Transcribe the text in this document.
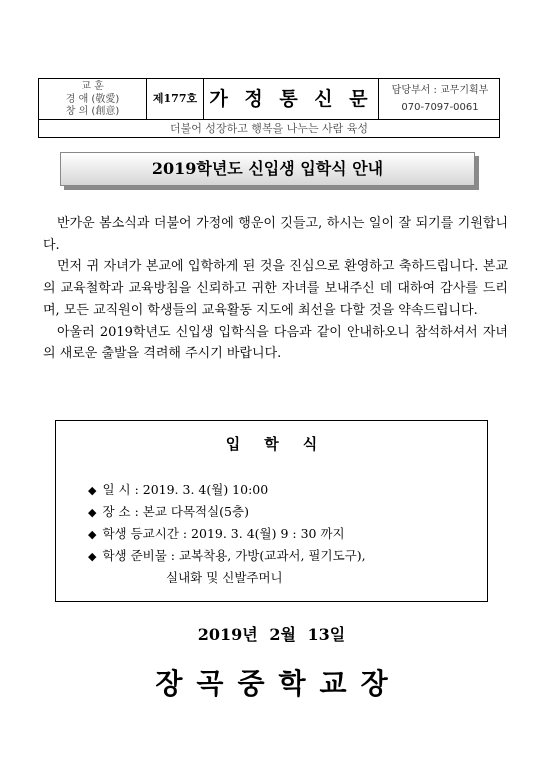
교 훈
경 애 (敬愛)
창 의 (創意)
제177호 가 정 통 신 문	담당부서 : 교무기획부
070-7097-0061
더불어 성장하고 행복을 나누는 사람 육성
2019학년도 신입생 입학식 안내

반가운 봄소식과 더불어 가정에 행운이 깃들고, 하시는 일이 잘 되기를 기원합니다.

먼저 귀 자녀가 본교에 입학하게 된 것을 진심으로 환영하고 축하드립니다. 본교의 교육철학과 교육방침을 신뢰하고 귀한 자녀를 보내주신 데 대하여 감사를 드리며, 모든 교직원이 학생들의 교육활동 지도에 최선을 다할 것을 약속드립니다.

아울러 2019학년도 신입생 입학식을 다음과 같이 안내하오니 참석하셔서 자녀의 새로운 출발을 격려해 주시기 바랍니다.

입학식
◆ 일 시 : 2019. 3. 4(월) 10:00
◆ 장 소 : 본교 다목적실(5층)
◆ 학생 등교시간 : 2019. 3. 4(월) 9 : 30 까지
◆ 학생 준비물 : 교복착용, 가방(교과서, 필기도구),
실내화 및 신발주머니
2019년 2월 13일
장곡중학교장
